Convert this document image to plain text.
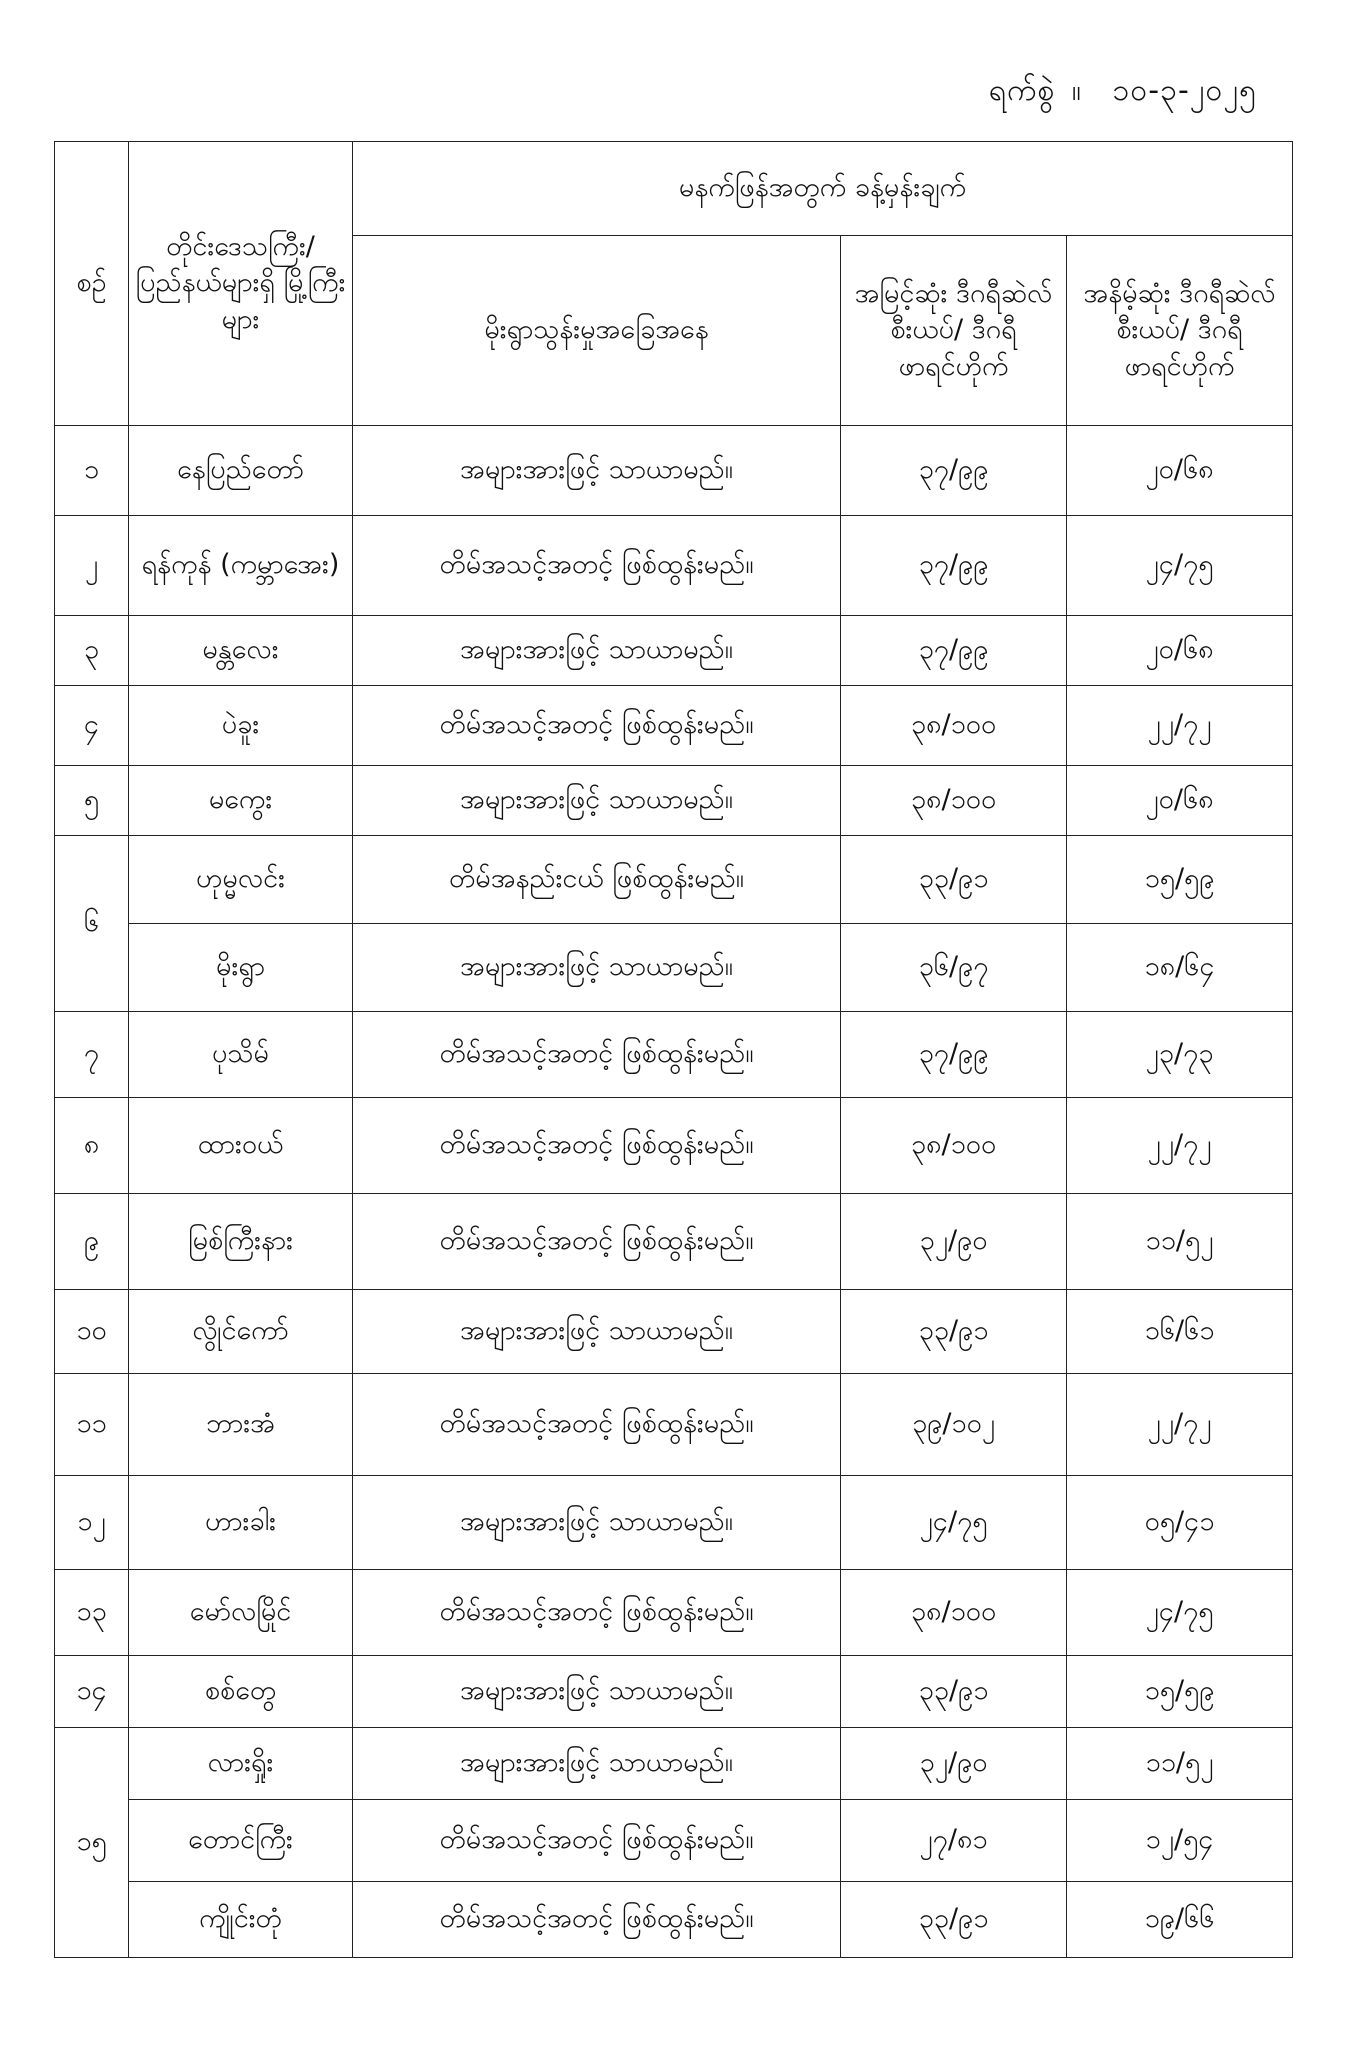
ရက်စွဲ ။ ၁၀-၃-၂၀၂၅
စဉ်	တိုင်းဒေသကြီး/ ပြည်နယ်များရှိ မြို့ကြီးများ	မနက်ဖြန်အတွက် ခန့်မှန်းချက်		
		မိုးရွာသွန်းမှုအခြေအနေ	အမြင့်ဆုံး ဒီဂရီဆဲလ်စီးယပ်/ ဒီဂရီဖာရင်ဟိုက်	အနိမ့်ဆုံး ဒီဂရီဆဲလ်စီးယပ်/ ဒီဂရီဖာရင်ဟိုက်
၁	နေပြည်တော်	အများအားဖြင့် သာယာမည်။	၃၇/၉၉	၂၀/၆၈
၂	ရန်ကုန် (ကမ္ဘာအေး)	တိမ်အသင့်အတင့် ဖြစ်ထွန်းမည်။	၃၇/၉၉	၂၄/၇၅
၃	မန္တလေး	အများအားဖြင့် သာယာမည်။	၃၇/၉၉	၂၀/၆၈
၄	ပဲခူး	တိမ်အသင့်အတင့် ဖြစ်ထွန်းမည်။	၃၈/၁၀၀	၂၂/၇၂
၅	မကွေး	အများအားဖြင့် သာယာမည်။	၃၈/၁၀၀	၂၀/၆၈
၆	ဟုမ္မလင်း	တိမ်အနည်းငယ် ဖြစ်ထွန်းမည်။	၃၃/၉၁	၁၅/၅၉
	မိုးရွာ	အများအားဖြင့် သာယာမည်။	၃၆/၉၇	၁၈/၆၄
၇	ပုသိမ်	တိမ်အသင့်အတင့် ဖြစ်ထွန်းမည်။	၃၇/၉၉	၂၃/၇၃
၈	ထားဝယ်	တိမ်အသင့်အတင့် ဖြစ်ထွန်းမည်။	၃၈/၁၀၀	၂၂/၇၂
၉	မြစ်ကြီးနား	တိမ်အသင့်အတင့် ဖြစ်ထွန်းမည်။	၃၂/၉၀	၁၁/၅၂
၁၀	လွိုင်ကော်	အများအားဖြင့် သာယာမည်။	၃၃/၉၁	၁၆/၆၁
၁၁	ဘားအံ	တိမ်အသင့်အတင့် ဖြစ်ထွန်းမည်။	၃၉/၁၀၂	၂၂/၇၂
၁၂	ဟားခါး	အများအားဖြင့် သာယာမည်။	၂၄/၇၅	၀၅/၄၁
၁၃	မော်လမြိုင်	တိမ်အသင့်အတင့် ဖြစ်ထွန်းမည်။	၃၈/၁၀၀	၂၄/၇၅
၁၄	စစ်တွေ	အများအားဖြင့် သာယာမည်။	၃၃/၉၁	၁၅/၅၉
၁၅	လားရှိုး	အများအားဖြင့် သာယာမည်။	၃၂/၉၀	၁၁/၅၂
	တောင်ကြီး	တိမ်အသင့်အတင့် ဖြစ်ထွန်းမည်။	၂၇/၈၁	၁၂/၅၄
	ကျိုင်းတုံ	တိမ်အသင့်အတင့် ဖြစ်ထွန်းမည်။	၃၃/၉၁	၁၉/၆၆
